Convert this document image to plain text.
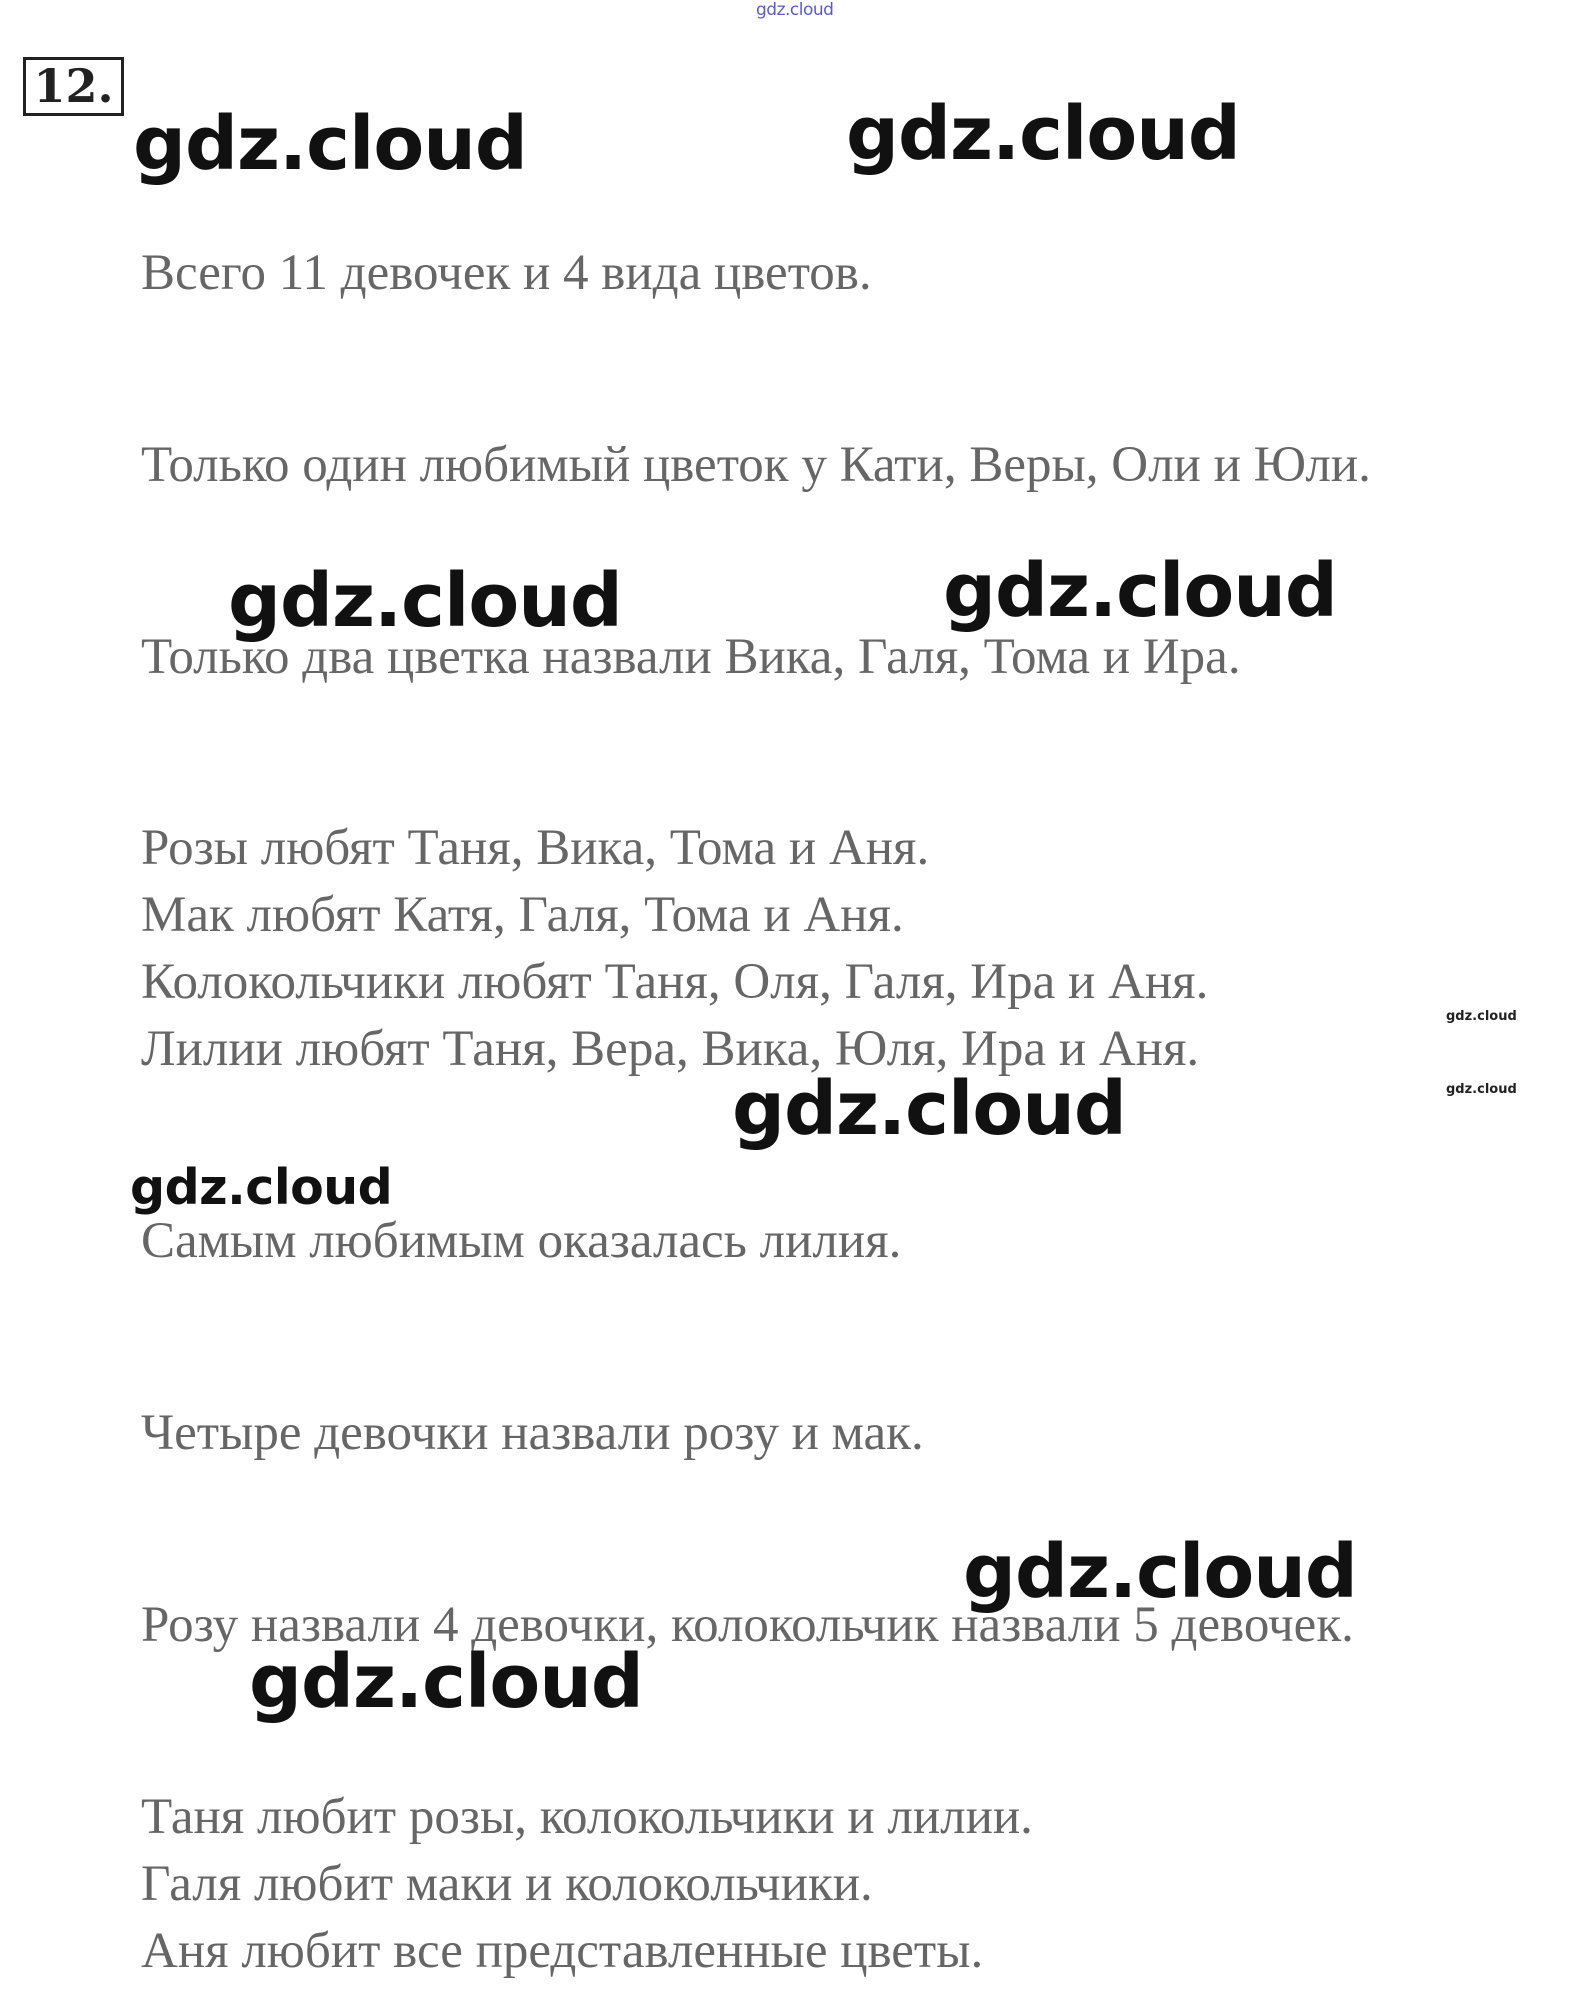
gdz.cloud
12.
Всего 11 девочек и 4 вида цветов.
Только один любимый цветок у Кати, Веры, Оли и Юли.
Только два цветка назвали Вика, Галя, Тома и Ира.
Розы любят Таня, Вика, Тома и Аня.
Мак любят Катя, Галя, Тома и Аня.
Колокольчики любят Таня, Оля, Галя, Ира и Аня.
Лилии любят Таня, Вера, Вика, Юля, Ира и Аня.
Самым любимым оказалась лилия.
Четыре девочки назвали розу и мак.
Розу назвали 4 девочки, колокольчик назвали 5 девочек.
Таня любит розы, колокольчики и лилии.
Галя любит маки и колокольчики.
Аня любит все представленные цветы.
gdz.cloud	gdz.cloud
gdz.cloud	gdz.cloud
gdz.cloud
gdz.cloud
gdz.cloud
gdz.cloud
gdz.cloud
gdz.cloud
